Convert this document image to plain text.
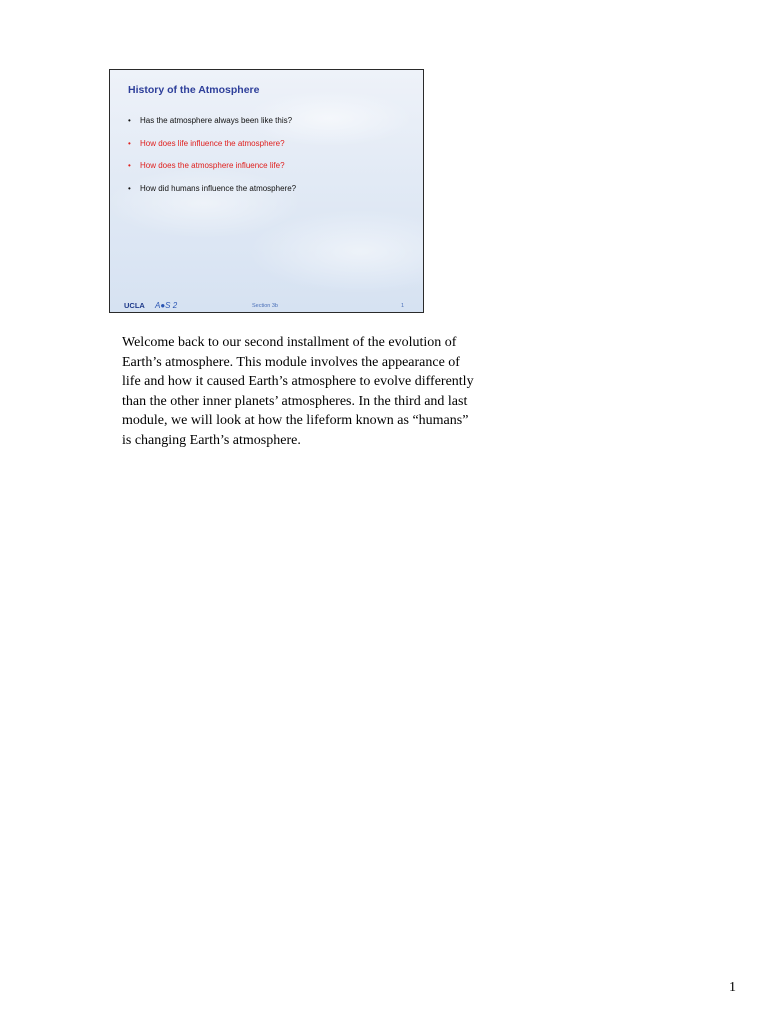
History of the Atmosphere
•	Has the atmosphere always been like this?
•	How does life influence the atmosphere?
•	How does the atmosphere influence life?
•	How did humans influence the atmosphere?
UCLA A●S 2	Section 3b	1

Welcome back to our second installment of the evolution of Earth’s atmosphere. This module involves the appearance of life and how it caused Earth’s atmosphere to evolve differently than the other inner planets’ atmospheres. In the third and last module, we will look at how the lifeform known as “humans” is changing Earth’s atmosphere.

1
